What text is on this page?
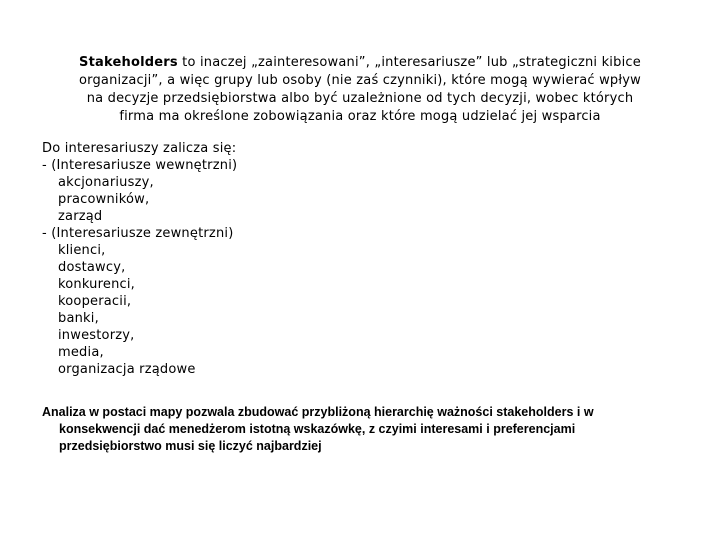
Stakeholders to inaczej „zainteresowani”, „interesariusze” lub „strategiczni kibice
organizacji”, a więc grupy lub osoby (nie zaś czynniki), które mogą wywierać wpływ
na decyzje przedsiębiorstwa albo być uzależnione od tych decyzji, wobec których
firma ma określone zobowiązania oraz które mogą udzielać jej wsparcia
Do interesariuszy zalicza się:
- (Interesariusze wewnętrzni)
akcjonariuszy,
pracowników,
zarząd
- (Interesariusze zewnętrzni)
klienci,
dostawcy,
konkurenci,
kooperacii,
banki,
inwestorzy,
media,
organizacja rządowe
Analiza w postaci mapy pozwala zbudować przybliżoną hierarchię ważności stakeholders i w
konsekwencji dać menedżerom istotną wskazówkę, z czyimi interesami i preferencjami
przedsiębiorstwo musi się liczyć najbardziej
